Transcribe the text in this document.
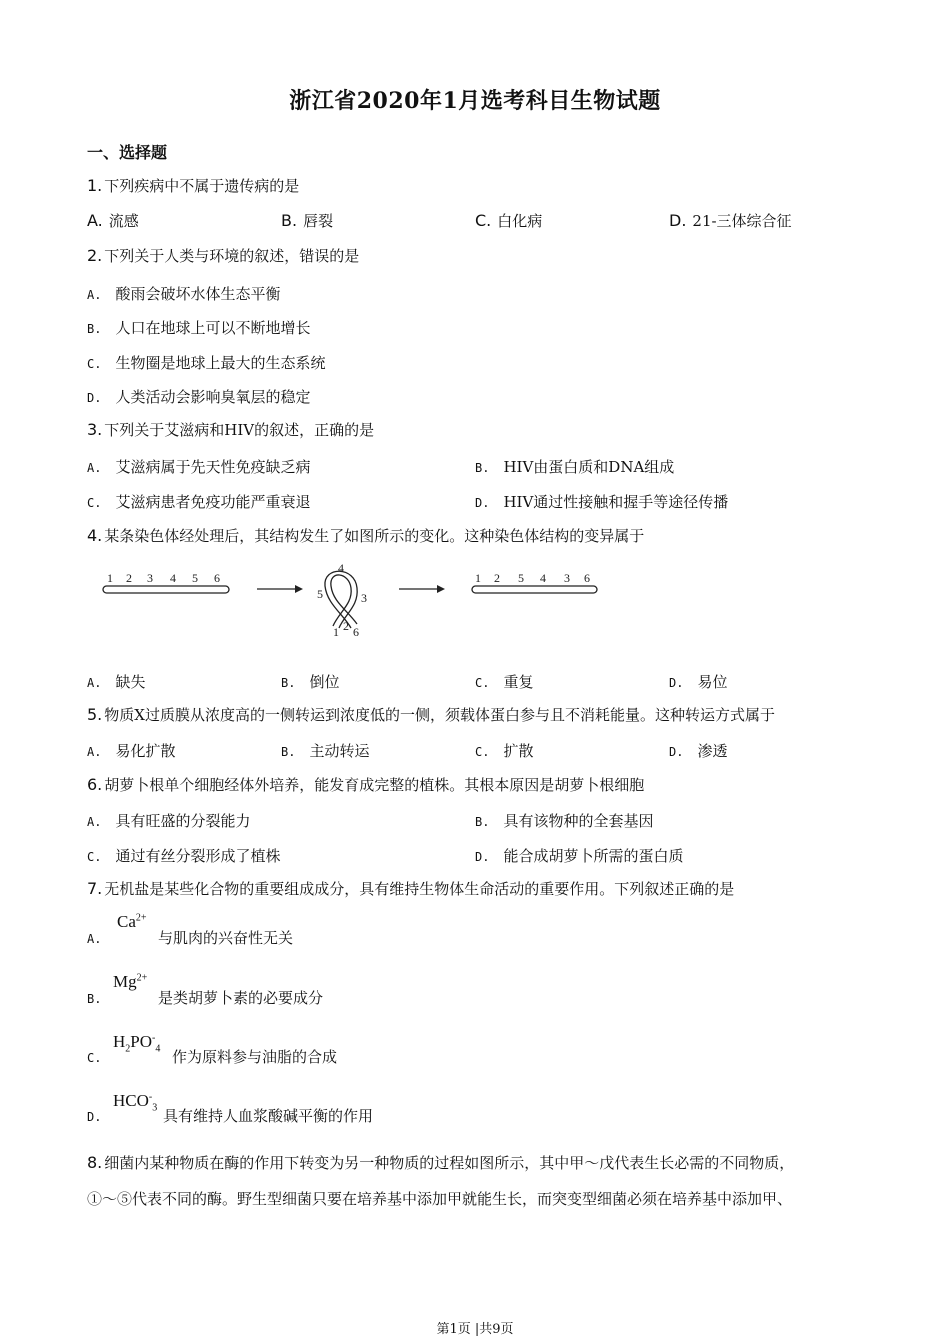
浙江省2020年1月选考科目生物试题
一、选择题
1. 下列疾病中不属于遗传病的是
A. 流感	B. 唇裂	C. 白化病	D. 21-三体综合征
2. 下列关于人类与环境的叙述，错误的是
A. 酸雨会破坏水体生态平衡
B. 人口在地球上可以不断地增长
C. 生物圈是地球上最大的生态系统
D. 人类活动会影响臭氧层的稳定
3. 下列关于艾滋病和HIV的叙述，正确的是
A. 艾滋病属于先天性免疫缺乏病	B. HIV由蛋白质和DNA组成
C. 艾滋病患者免疫功能严重衰退	D. HIV通过性接触和握手等途径传播
4. 某条染色体经处理后，其结构发生了如图所示的变化。这种染色体结构的变异属于
1 2 3 4 5 6
4
5	3
1 2 6
1 2 5 4 3 6
A. 缺失	B. 倒位	C. 重复	D. 易位
5. 物质X过质膜从浓度高的一侧转运到浓度低的一侧，须载体蛋白参与且不消耗能量。这种转运方式属于
A. 易化扩散	B. 主动转运	C. 扩散	D. 渗透
6. 胡萝卜根单个细胞经体外培养，能发育成完整的植株。其根本原因是胡萝卜根细胞
A. 具有旺盛的分裂能力	B. 具有该物种的全套基因
C. 通过有丝分裂形成了植株	D. 能合成胡萝卜所需的蛋白质
7. 无机盐是某些化合物的重要组成成分，具有维持生物体生命活动的重要作用。下列叙述正确的是
A.
$Ca^{2+}$
与肌肉的兴奋性无关
B.
$Mg^{2+}$
是类胡萝卜素的必要成分
C.
$H_2PO^-_4$ 作为原料参与油脂的合成
D.
$HCO^-_3$ 具有维持人血浆酸碱平衡的作用
8. 细菌内某种物质在酶的作用下转变为另一种物质的过程如图所示，其中甲～戊代表生长必需的不同物质，
①～⑤代表不同的酶。野生型细菌只要在培养基中添加甲就能生长，而突变型细菌必须在培养基中添加甲、
第1页 |共9页
